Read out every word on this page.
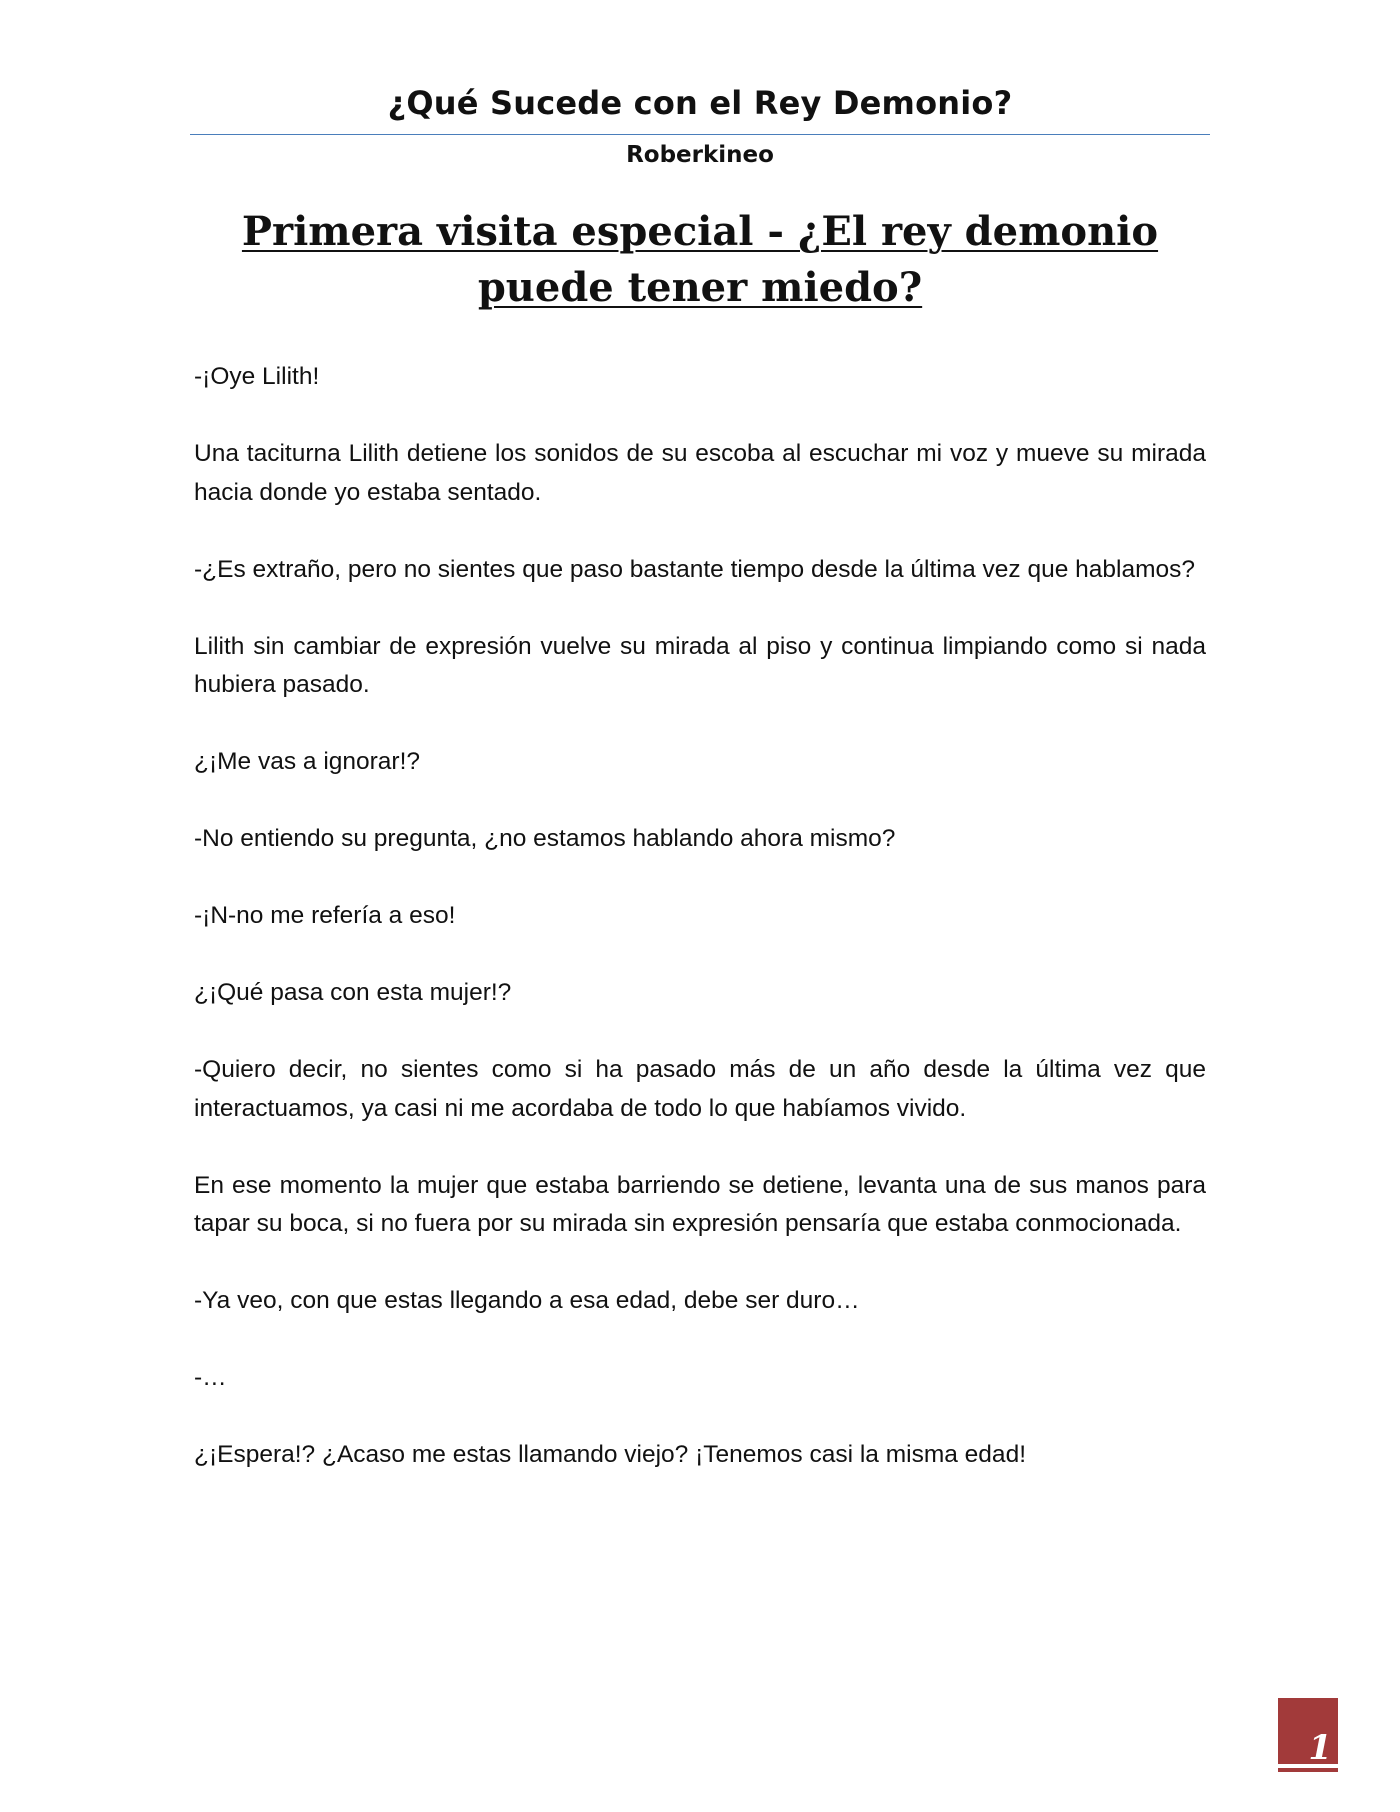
¿Qué Sucede con el Rey Demonio?
Roberkineo
Primera visita especial - ¿El rey demonio puede tener miedo?

-¡Oye Lilith!

Una taciturna Lilith detiene los sonidos de su escoba al escuchar mi voz y mueve su mirada hacia donde yo estaba sentado.

-¿Es extraño, pero no sientes que paso bastante tiempo desde la última vez que hablamos?

Lilith sin cambiar de expresión vuelve su mirada al piso y continua limpiando como si nada hubiera pasado.

¿¡Me vas a ignorar!?

-No entiendo su pregunta, ¿no estamos hablando ahora mismo?

-¡N-no me refería a eso!

¿¡Qué pasa con esta mujer!?

-Quiero decir, no sientes como si ha pasado más de un año desde la última vez que interactuamos, ya casi ni me acordaba de todo lo que habíamos vivido.

En ese momento la mujer que estaba barriendo se detiene, levanta una de sus manos para tapar su boca, si no fuera por su mirada sin expresión pensaría que estaba conmocionada.

-Ya veo, con que estas llegando a esa edad, debe ser duro…

-…

¿¡Espera!? ¿Acaso me estas llamando viejo? ¡Tenemos casi la misma edad!

1
